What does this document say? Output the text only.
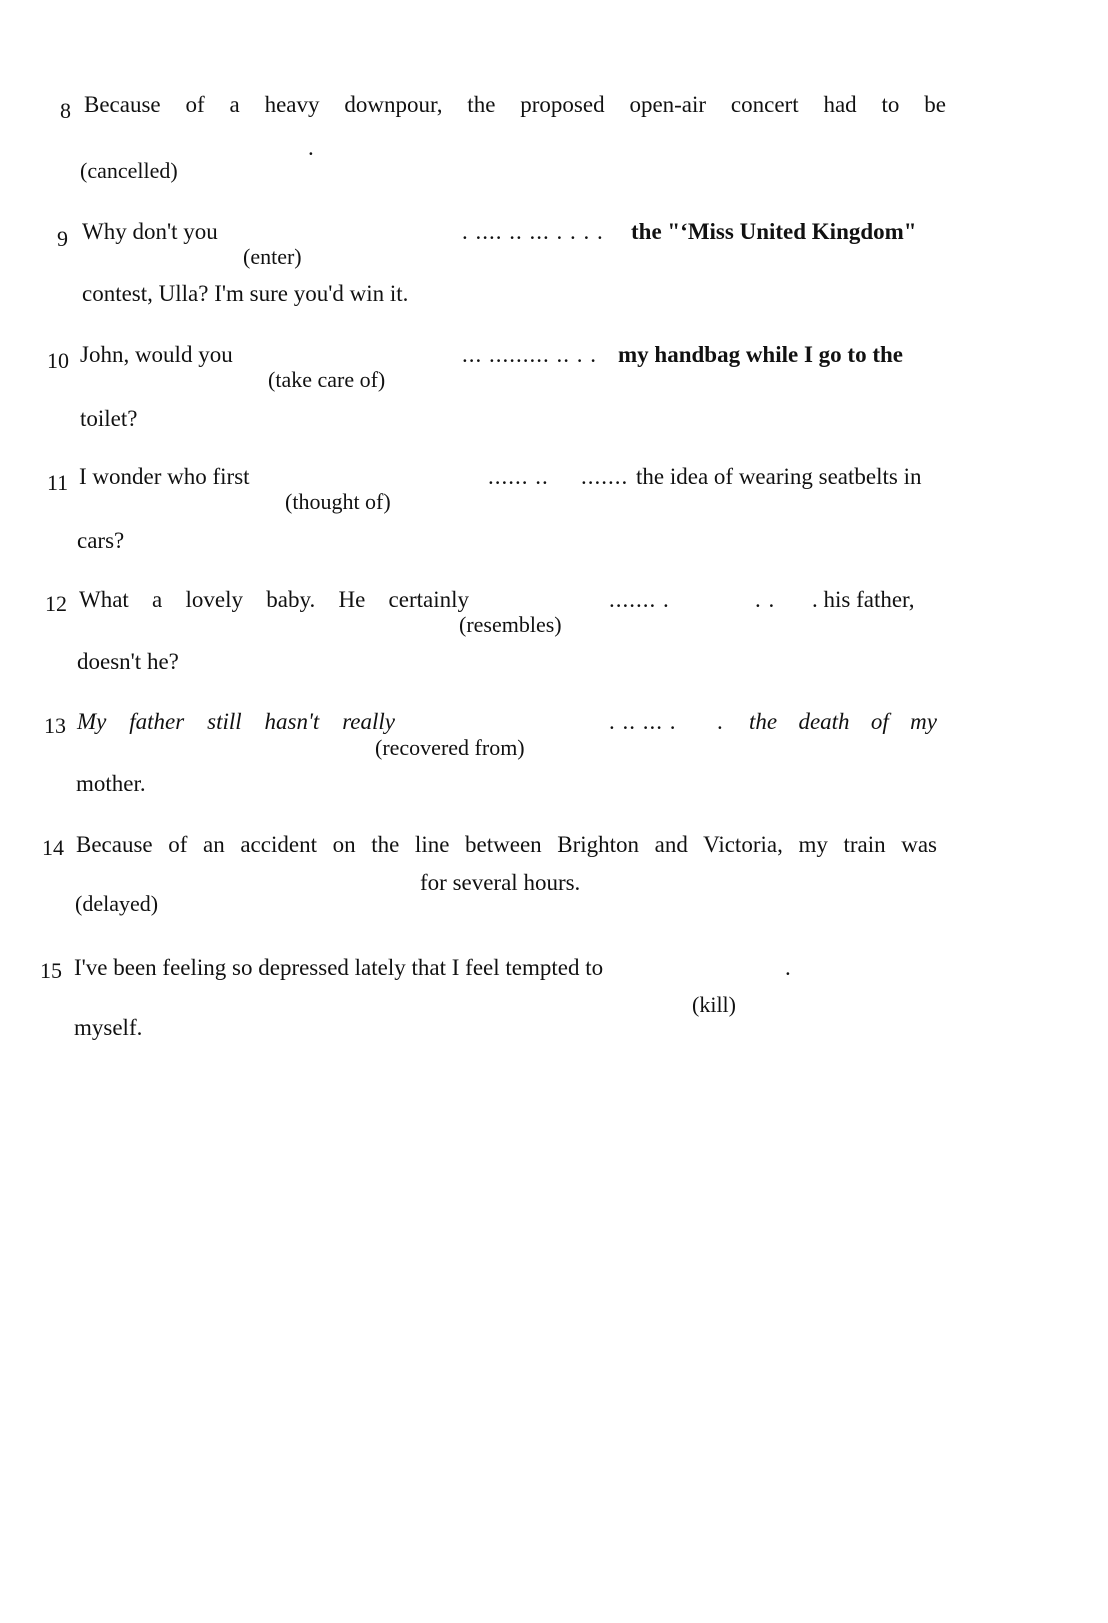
8 Because of a heavy downpour, the proposed open-air concert had to be
.
(cancelled)
9 Why don't you	. .... .. ... . . . . the "‘Miss United Kingdom"
(enter)
contest, Ulla? I'm sure you'd win it.
10 John, would you	... ......... .. . . my handbag while I go to the
(take care of)
toilet?
11 I wonder who first	...... .. ....... the idea of wearing seatbelts in
(thought of)
cars?
12 What a lovely baby. He certainly	....... .	. . . his father,
(resembles)
doesn't he?
13 My father still hasn't really	. .. ... . . the death of my
(recovered from)
mother.
14 Because of an accident on the line between Brighton and Victoria, my train was
for several hours.
(delayed)
15 I've been feeling so depressed lately that I feel tempted to	.
(kill)
myself.
